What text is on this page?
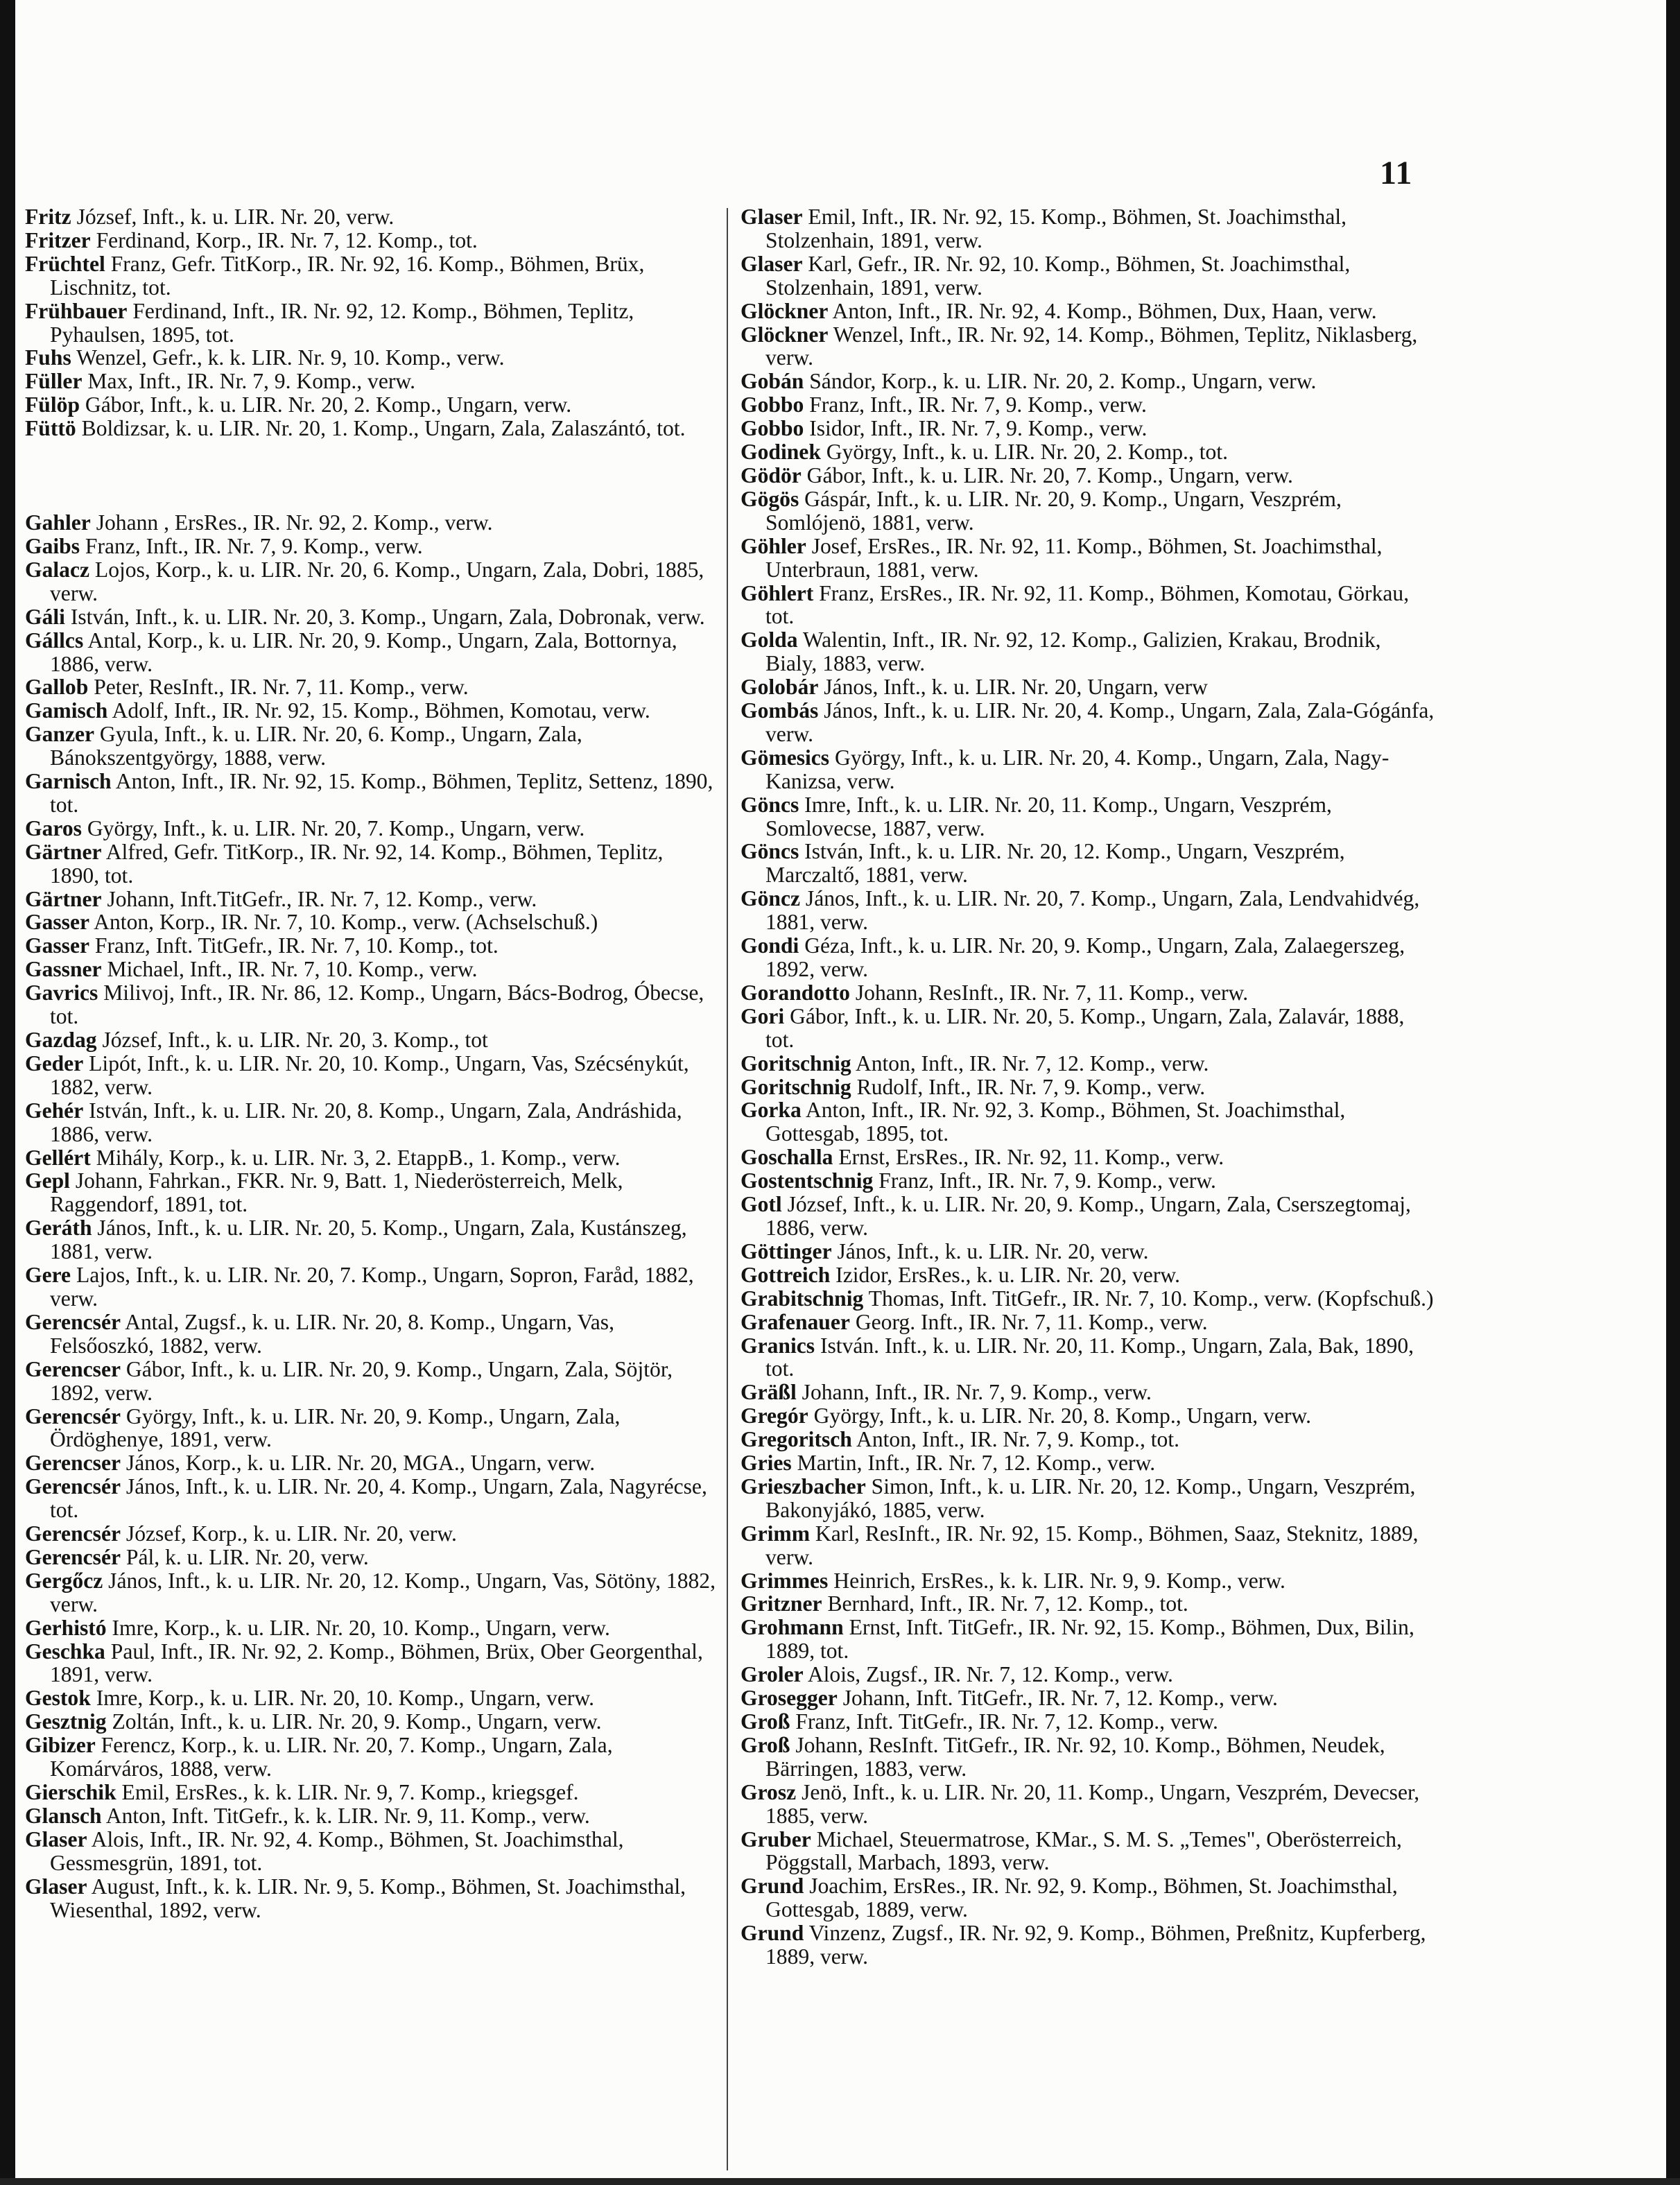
11
Fritz József, Inft., k. u. LIR. Nr. 20, verw.
Fritzer Ferdinand, Korp., IR. Nr. 7, 12. Komp., tot.
Früchtel Franz, Gefr. TitKorp., IR. Nr. 92, 16. Komp., Böhmen, Brüx, Lischnitz, tot.
Frühbauer Ferdinand, Inft., IR. Nr. 92, 12. Komp., Böhmen, Teplitz, Pyhaulsen, 1895, tot.
Fuhs Wenzel, Gefr., k. k. LIR. Nr. 9, 10. Komp., verw.
Füller Max, Inft., IR. Nr. 7, 9. Komp., verw.
Fülöp Gábor, Inft., k. u. LIR. Nr. 20, 2. Komp., Ungarn, verw.
Füttö Boldizsar, k. u. LIR. Nr. 20, 1. Komp., Ungarn, Zala, Zalaszántó, tot.
Gahler Johann , ErsRes., IR. Nr. 92, 2. Komp., verw.
Gaibs Franz, Inft., IR. Nr. 7, 9. Komp., verw.
Galacz Lojos, Korp., k. u. LIR. Nr. 20, 6. Komp., Ungarn, Zala, Dobri, 1885, verw.
Gáli István, Inft., k. u. LIR. Nr. 20, 3. Komp., Ungarn, Zala, Dobronak, verw.
Gállcs Antal, Korp., k. u. LIR. Nr. 20, 9. Komp., Ungarn, Zala, Bottornya, 1886, verw.
Gallob Peter, ResInft., IR. Nr. 7, 11. Komp., verw.
Gamisch Adolf, Inft., IR. Nr. 92, 15. Komp., Böhmen, Komotau, verw.
Ganzer Gyula, Inft., k. u. LIR. Nr. 20, 6. Komp., Ungarn, Zala, Bánokszentgyörgy, 1888, verw.
Garnisch Anton, Inft., IR. Nr. 92, 15. Komp., Böhmen, Teplitz, Settenz, 1890, tot.
Garos György, Inft., k. u. LIR. Nr. 20, 7. Komp., Ungarn, verw.
Gärtner Alfred, Gefr. TitKorp., IR. Nr. 92, 14. Komp., Böhmen, Teplitz, 1890, tot.
Gärtner Johann, Inft.TitGefr., IR. Nr. 7, 12. Komp., verw.
Gasser Anton, Korp., IR. Nr. 7, 10. Komp., verw. (Achselschuß.)
Gasser Franz, Inft. TitGefr., IR. Nr. 7, 10. Komp., tot.
Gassner Michael, Inft., IR. Nr. 7, 10. Komp., verw.
Gavrics Milivoj, Inft., IR. Nr. 86, 12. Komp., Ungarn, Bács-Bodrog, Óbecse, tot.
Gazdag József, Inft., k. u. LIR. Nr. 20, 3. Komp., tot
Geder Lipót, Inft., k. u. LIR. Nr. 20, 10. Komp., Ungarn, Vas, Szécsénykút, 1882, verw.
Gehér István, Inft., k. u. LIR. Nr. 20, 8. Komp., Ungarn, Zala, Andráshida, 1886, verw.
Gellért Mihály, Korp., k. u. LIR. Nr. 3, 2. EtappB., 1. Komp., verw.
Gepl Johann, Fahrkan., FKR. Nr. 9, Batt. 1, Niederösterreich, Melk, Raggendorf, 1891, tot.
Geráth János, Inft., k. u. LIR. Nr. 20, 5. Komp., Ungarn, Zala, Kustánszeg, 1881, verw.
Gere Lajos, Inft., k. u. LIR. Nr. 20, 7. Komp., Ungarn, Sopron, Faråd, 1882, verw.
Gerencsér Antal, Zugsf., k. u. LIR. Nr. 20, 8. Komp., Ungarn, Vas, Felsőoszkó, 1882, verw.
Gerencser Gábor, Inft., k. u. LIR. Nr. 20, 9. Komp., Ungarn, Zala, Söjtör, 1892, verw.
Gerencsér György, Inft., k. u. LIR. Nr. 20, 9. Komp., Ungarn, Zala, Ördöghenye, 1891, verw.
Gerencser János, Korp., k. u. LIR. Nr. 20, MGA., Ungarn, verw.
Gerencsér János, Inft., k. u. LIR. Nr. 20, 4. Komp., Ungarn, Zala, Nagyrécse, tot.
Gerencsér József, Korp., k. u. LIR. Nr. 20, verw.
Gerencsér Pál, k. u. LIR. Nr. 20, verw.
Gergőcz János, Inft., k. u. LIR. Nr. 20, 12. Komp., Ungarn, Vas, Sötöny, 1882, verw.
Gerhistó Imre, Korp., k. u. LIR. Nr. 20, 10. Komp., Ungarn, verw.
Geschka Paul, Inft., IR. Nr. 92, 2. Komp., Böhmen, Brüx, Ober Georgenthal, 1891, verw.
Gestok Imre, Korp., k. u. LIR. Nr. 20, 10. Komp., Ungarn, verw.
Gesztnig Zoltán, Inft., k. u. LIR. Nr. 20, 9. Komp., Ungarn, verw.
Gibizer Ferencz, Korp., k. u. LIR. Nr. 20, 7. Komp., Ungarn, Zala, Komárváros, 1888, verw.
Gierschik Emil, ErsRes., k. k. LIR. Nr. 9, 7. Komp., kriegsgef.
Glansch Anton, Inft. TitGefr., k. k. LIR. Nr. 9, 11. Komp., verw.
Glaser Alois, Inft., IR. Nr. 92, 4. Komp., Böhmen, St. Joachimsthal, Gessmesgrün, 1891, tot.
Glaser August, Inft., k. k. LIR. Nr. 9, 5. Komp., Böhmen, St. Joachimsthal, Wiesenthal, 1892, verw.
Glaser Emil, Inft., IR. Nr. 92, 15. Komp., Böhmen, St. Joachimsthal, Stolzenhain, 1891, verw.
Glaser Karl, Gefr., IR. Nr. 92, 10. Komp., Böhmen, St. Joachimsthal, Stolzenhain, 1891, verw.
Glöckner Anton, Inft., IR. Nr. 92, 4. Komp., Böhmen, Dux, Haan, verw.
Glöckner Wenzel, Inft., IR. Nr. 92, 14. Komp., Böhmen, Teplitz, Niklasberg, verw.
Gobán Sándor, Korp., k. u. LIR. Nr. 20, 2. Komp., Ungarn, verw.
Gobbo Franz, Inft., IR. Nr. 7, 9. Komp., verw.
Gobbo Isidor, Inft., IR. Nr. 7, 9. Komp., verw.
Godinek György, Inft., k. u. LIR. Nr. 20, 2. Komp., tot.
Gödör Gábor, Inft., k. u. LIR. Nr. 20, 7. Komp., Ungarn, verw.
Gögös Gáspár, Inft., k. u. LIR. Nr. 20, 9. Komp., Ungarn, Veszprém, Somlójenö, 1881, verw.
Göhler Josef, ErsRes., IR. Nr. 92, 11. Komp., Böhmen, St. Joachimsthal, Unterbraun, 1881, verw.
Göhlert Franz, ErsRes., IR. Nr. 92, 11. Komp., Böhmen, Komotau, Görkau, tot.
Golda Walentin, Inft., IR. Nr. 92, 12. Komp., Galizien, Krakau, Brodnik, Bialy, 1883, verw.
Golobár János, Inft., k. u. LIR. Nr. 20, Ungarn, verw
Gombás János, Inft., k. u. LIR. Nr. 20, 4. Komp., Ungarn, Zala, Zala-Gógánfa, verw.
Gömesics György, Inft., k. u. LIR. Nr. 20, 4. Komp., Ungarn, Zala, Nagy-Kanizsa, verw.
Göncs Imre, Inft., k. u. LIR. Nr. 20, 11. Komp., Ungarn, Veszprém, Somlovecse, 1887, verw.
Göncs István, Inft., k. u. LIR. Nr. 20, 12. Komp., Ungarn, Veszprém, Marczaltő, 1881, verw.
Göncz János, Inft., k. u. LIR. Nr. 20, 7. Komp., Ungarn, Zala, Lendvahidvég, 1881, verw.
Gondi Géza, Inft., k. u. LIR. Nr. 20, 9. Komp., Ungarn, Zala, Zalaegerszeg, 1892, verw.
Gorandotto Johann, ResInft., IR. Nr. 7, 11. Komp., verw.
Gori Gábor, Inft., k. u. LIR. Nr. 20, 5. Komp., Ungarn, Zala, Zalavár, 1888, tot.
Goritschnig Anton, Inft., IR. Nr. 7, 12. Komp., verw.
Goritschnig Rudolf, Inft., IR. Nr. 7, 9. Komp., verw.
Gorka Anton, Inft., IR. Nr. 92, 3. Komp., Böhmen, St. Joachimsthal, Gottesgab, 1895, tot.
Goschalla Ernst, ErsRes., IR. Nr. 92, 11. Komp., verw.
Gostentschnig Franz, Inft., IR. Nr. 7, 9. Komp., verw.
Gotl József, Inft., k. u. LIR. Nr. 20, 9. Komp., Ungarn, Zala, Cserszegtomaj, 1886, verw.
Göttinger János, Inft., k. u. LIR. Nr. 20, verw.
Gottreich Izidor, ErsRes., k. u. LIR. Nr. 20, verw.
Grabitschnig Thomas, Inft. TitGefr., IR. Nr. 7, 10. Komp., verw. (Kopfschuß.)
Grafenauer Georg. Inft., IR. Nr. 7, 11. Komp., verw.
Granics István. Inft., k. u. LIR. Nr. 20, 11. Komp., Ungarn, Zala, Bak, 1890, tot.
Gräßl Johann, Inft., IR. Nr. 7, 9. Komp., verw.
Gregór György, Inft., k. u. LIR. Nr. 20, 8. Komp., Ungarn, verw.
Gregoritsch Anton, Inft., IR. Nr. 7, 9. Komp., tot.
Gries Martin, Inft., IR. Nr. 7, 12. Komp., verw.
Grieszbacher Simon, Inft., k. u. LIR. Nr. 20, 12. Komp., Ungarn, Veszprém, Bakonyjákó, 1885, verw.
Grimm Karl, ResInft., IR. Nr. 92, 15. Komp., Böhmen, Saaz, Steknitz, 1889, verw.
Grimmes Heinrich, ErsRes., k. k. LIR. Nr. 9, 9. Komp., verw.
Gritzner Bernhard, Inft., IR. Nr. 7, 12. Komp., tot.
Grohmann Ernst, Inft. TitGefr., IR. Nr. 92, 15. Komp., Böhmen, Dux, Bilin, 1889, tot.
Groler Alois, Zugsf., IR. Nr. 7, 12. Komp., verw.
Grosegger Johann, Inft. TitGefr., IR. Nr. 7, 12. Komp., verw.
Groß Franz, Inft. TitGefr., IR. Nr. 7, 12. Komp., verw.
Groß Johann, ResInft. TitGefr., IR. Nr. 92, 10. Komp., Böhmen, Neudek, Bärringen, 1883, verw.
Grosz Jenö, Inft., k. u. LIR. Nr. 20, 11. Komp., Ungarn, Veszprém, Devecser, 1885, verw.
Gruber Michael, Steuermatrose, KMar., S. M. S. „Temes", Oberösterreich, Pöggstall, Marbach, 1893, verw.
Grund Joachim, ErsRes., IR. Nr. 92, 9. Komp., Böhmen, St. Joachimsthal, Gottesgab, 1889, verw.
Grund Vinzenz, Zugsf., IR. Nr. 92, 9. Komp., Böhmen, Preßnitz, Kupferberg, 1889, verw.
